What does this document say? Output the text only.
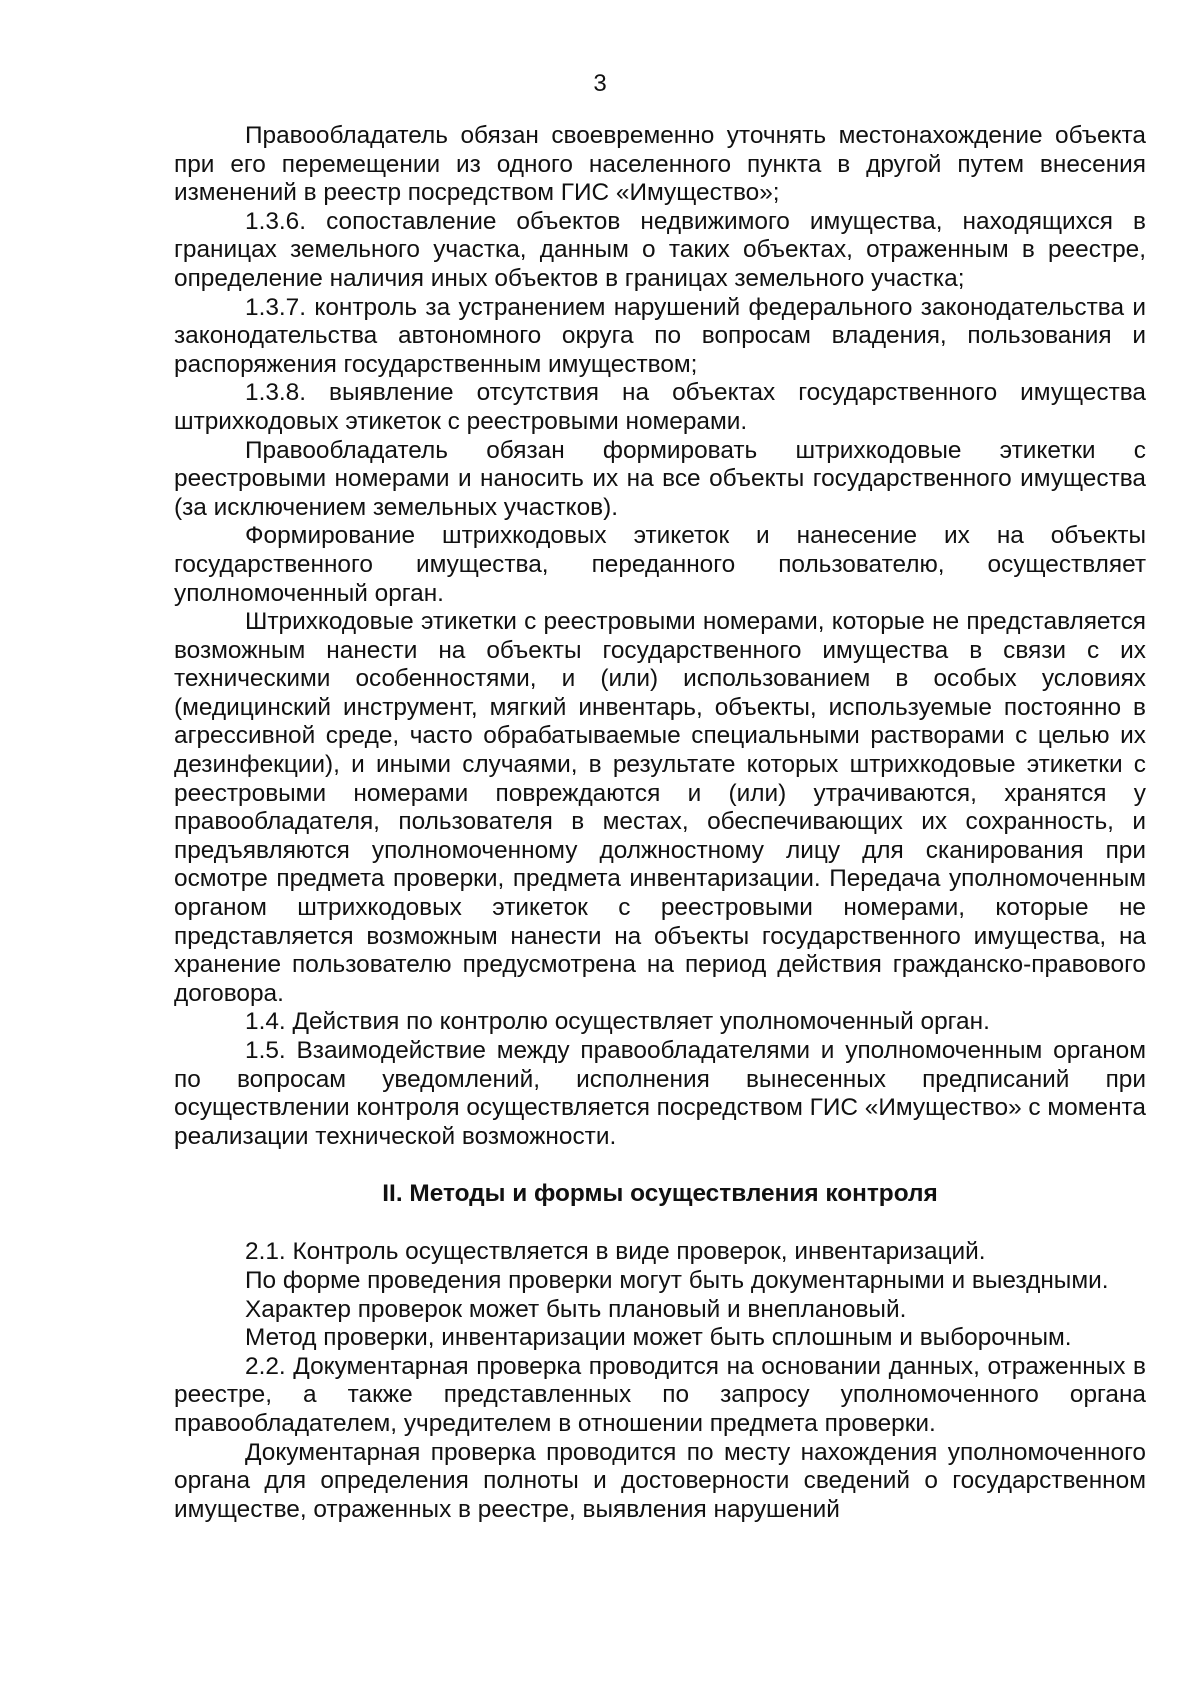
3

Правообладатель обязан своевременно уточнять местонахождение объекта при его перемещении из одного населенного пункта в другой путем внесения изменений в реестр посредством ГИС «Имущество»;

1.3.6. сопоставление объектов недвижимого имущества, находящихся в границах земельного участка, данным о таких объектах, отраженным в реестре, определение наличия иных объектов в границах земельного участка;

1.3.7. контроль за устранением нарушений федерального законодательства и законодательства автономного округа по вопросам владения, пользования и распоряжения государственным имуществом;

1.3.8. выявление отсутствия на объектах государственного имущества штрихкодовых этикеток с реестровыми номерами.

Правообладатель обязан формировать штрихкодовые этикетки с реестровыми номерами и наносить их на все объекты государственного имущества (за исключением земельных участков).

Формирование штрихкодовых этикеток и нанесение их на объекты государственного имущества, переданного пользователю, осуществляет уполномоченный орган.

Штрихкодовые этикетки с реестровыми номерами, которые не представляется возможным нанести на объекты государственного имущества в связи с их техническими особенностями, и (или) использованием в особых условиях (медицинский инструмент, мягкий инвентарь, объекты, используемые постоянно в агрессивной среде, часто обрабатываемые специальными растворами с целью их дезинфекции), и иными случаями, в результате которых штрихкодовые этикетки с реестровыми номерами повреждаются и (или) утрачиваются, хранятся у правообладателя, пользователя в местах, обеспечивающих их сохранность, и предъявляются уполномоченному должностному лицу для сканирования при осмотре предмета проверки, предмета инвентаризации. Передача уполномоченным органом штрихкодовых этикеток с реестровыми номерами, которые не представляется возможным нанести на объекты государственного имущества, на хранение пользователю предусмотрена на период действия гражданско-правового договора.

1.4. Действия по контролю осуществляет уполномоченный орган.

1.5. Взаимодействие между правообладателями и уполномоченным органом по вопросам уведомлений, исполнения вынесенных предписаний при осуществлении контроля осуществляется посредством ГИС «Имущество» с момента реализации технической возможности.

II. Методы и формы осуществления контроля

2.1. Контроль осуществляется в виде проверок, инвентаризаций.

По форме проведения проверки могут быть документарными и выездными.

Характер проверок может быть плановый и внеплановый.

Метод проверки, инвентаризации может быть сплошным и выборочным.

2.2. Документарная проверка проводится на основании данных, отраженных в реестре, а также представленных по запросу уполномоченного органа правообладателем, учредителем в отношении предмета проверки.

Документарная проверка проводится по месту нахождения уполномоченного органа для определения полноты и достоверности сведений о государственном имуществе, отраженных в реестре, выявления нарушений
